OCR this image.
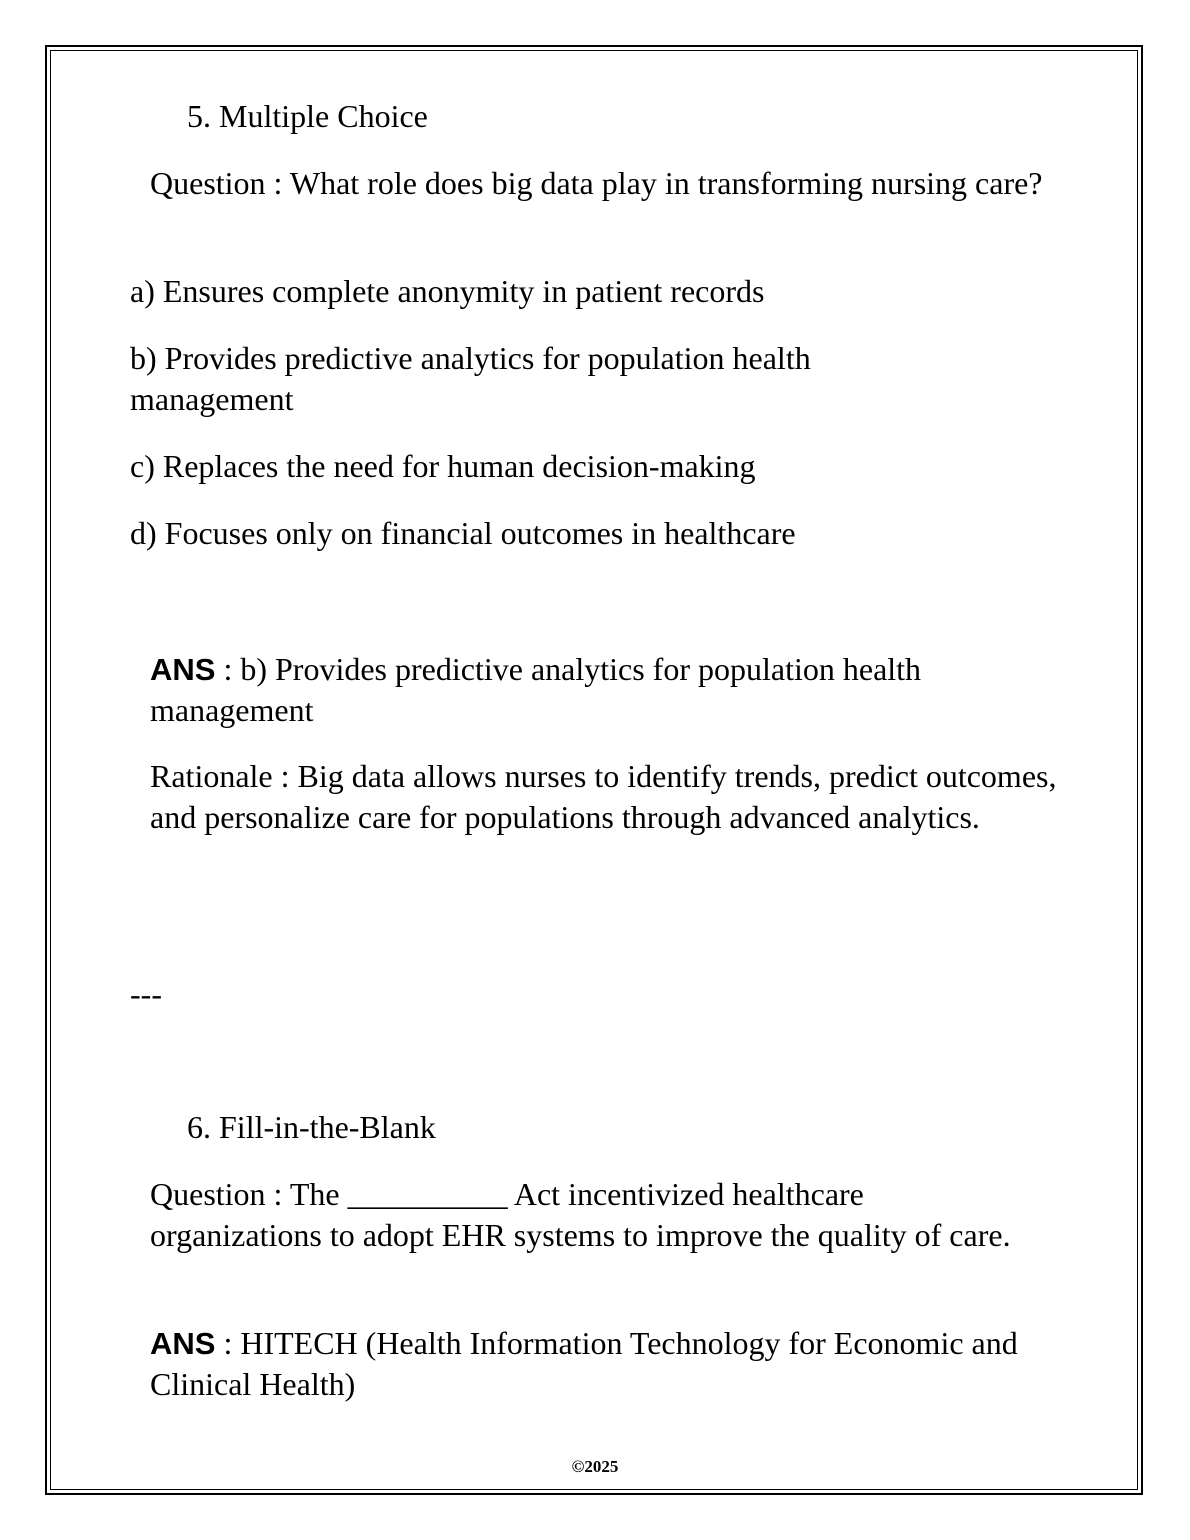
5. Multiple Choice
Question : What role does big data play in transforming nursing care?
a) Ensures complete anonymity in patient records
b) Provides predictive analytics for population health management
c) Replaces the need for human decision-making
d) Focuses only on financial outcomes in healthcare
ANS : b) Provides predictive analytics for population health management
Rationale : Big data allows nurses to identify trends, predict outcomes, and personalize care for populations through advanced analytics.
---
6. Fill-in-the-Blank
Question : The __________ Act incentivized healthcare organizations to adopt EHR systems to improve the quality of care.
ANS : HITECH (Health Information Technology for Economic and Clinical Health)
©2025
